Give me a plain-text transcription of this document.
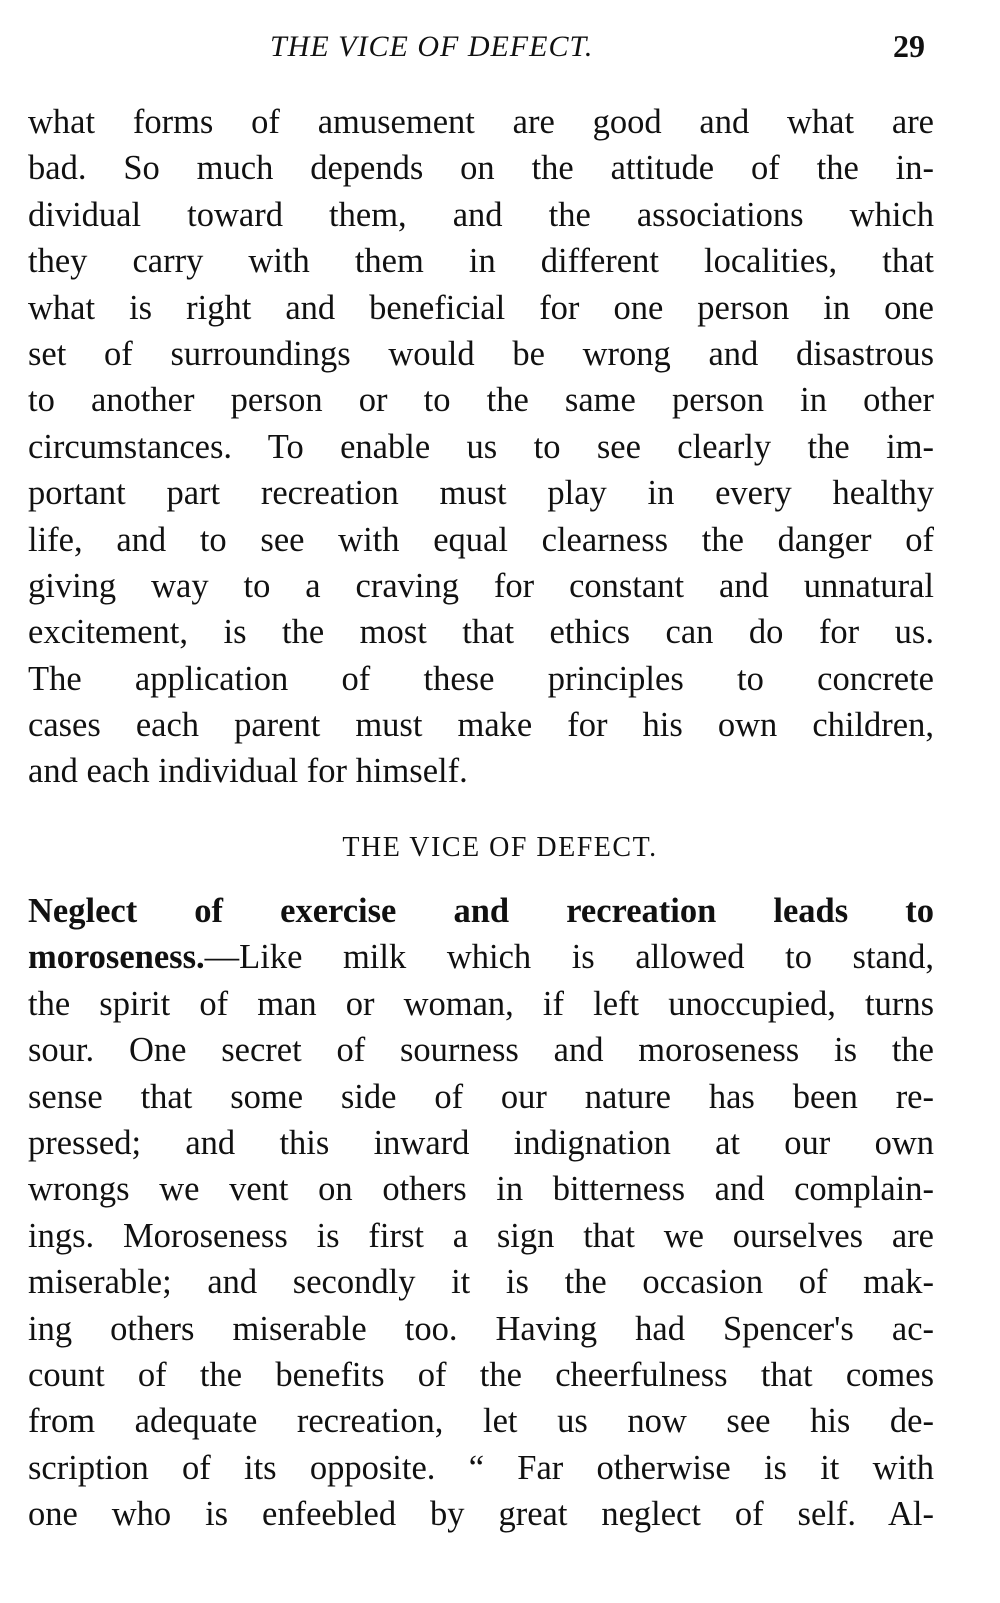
THE VICE OF DEFECT.	29
what forms of amusement are good and what are
bad. So much depends on the attitude of the in-
dividual toward them, and the associations which
they carry with them in different localities, that
what is right and beneficial for one person in one
set of surroundings would be wrong and disastrous
to another person or to the same person in other
circumstances. To enable us to see clearly the im-
portant part recreation must play in every healthy
life, and to see with equal clearness the danger of
giving way to a craving for constant and unnatural
excitement, is the most that ethics can do for us.
The application of these principles to concrete
cases each parent must make for his own children,
and each individual for himself.
THE VICE OF DEFECT.
Neglect of exercise and recreation leads to
moroseness.—Like milk which is allowed to stand,
the spirit of man or woman, if left unoccupied, turns
sour. One secret of sourness and moroseness is the
sense that some side of our nature has been re-
pressed; and this inward indignation at our own
wrongs we vent on others in bitterness and complain-
ings. Moroseness is first a sign that we ourselves are
miserable; and secondly it is the occasion of mak-
ing others miserable too. Having had Spencer's ac-
count of the benefits of the cheerfulness that comes
from adequate recreation, let us now see his de-
scription of its opposite. “ Far otherwise is it with
one who is enfeebled by great neglect of self. Al-
